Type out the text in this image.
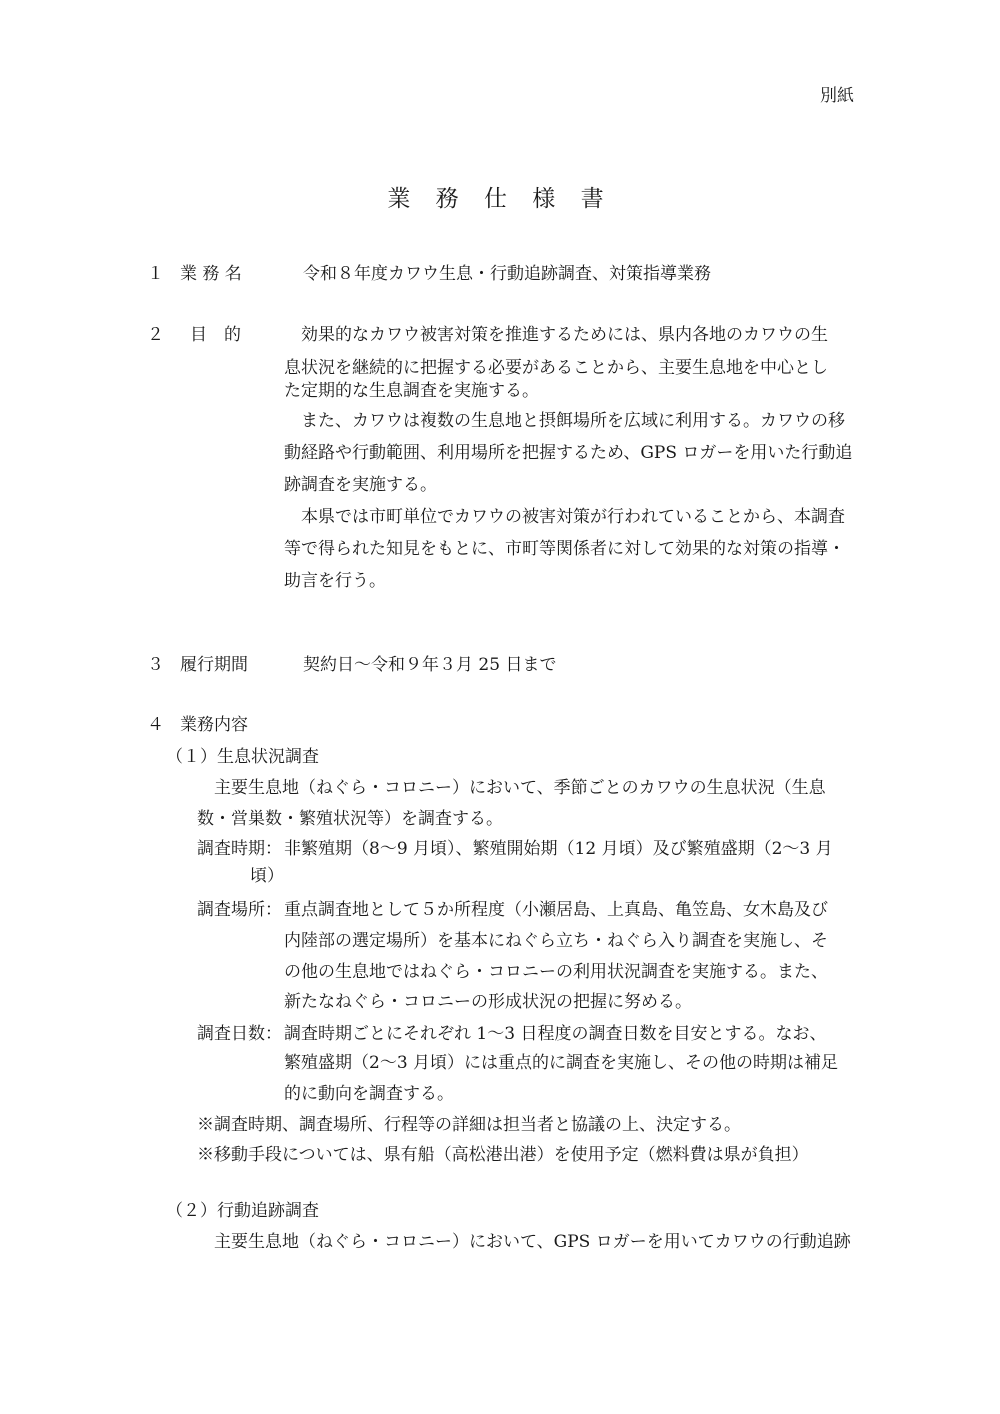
別紙
業 務 仕 様 書
１ 業 務 名	令和８年度カワウ生息・行動追跡調査、対策指導業務
２ 目　的	　効果的なカワウ被害対策を推進するためには、県内各地のカワウの生
息状況を継続的に把握する必要があることから、主要生息地を中心とし
た定期的な生息調査を実施する。
　また、カワウは複数の生息地と摂餌場所を広域に利用する。カワウの移
動経路や行動範囲、利用場所を把握するため、GPS ロガーを用いた行動追
跡調査を実施する。
　本県では市町単位でカワウの被害対策が行われていることから、本調査
等で得られた知見をもとに、市町等関係者に対して効果的な対策の指導・
助言を行う。
３ 履行期間	契約日～令和９年３月 25 日まで
４ 業務内容
（１）生息状況調査
主要生息地（ねぐら・コロニー）において、季節ごとのカワウの生息状況（生息
数・営巣数・繁殖状況等）を調査する。
調査時期： 非繁殖期（8～9 月頃）、繁殖開始期（12 月頃）及び繁殖盛期（2～3 月
頃）
調査場所： 重点調査地として５か所程度（小瀬居島、上真島、亀笠島、女木島及び
内陸部の選定場所）を基本にねぐら立ち・ねぐら入り調査を実施し、そ
の他の生息地ではねぐら・コロニーの利用状況調査を実施する。また、
新たなねぐら・コロニーの形成状況の把握に努める。
調査日数： 調査時期ごとにそれぞれ 1～3 日程度の調査日数を目安とする。なお、
繁殖盛期（2～3 月頃）には重点的に調査を実施し、その他の時期は補足
的に動向を調査する。
※調査時期、調査場所、行程等の詳細は担当者と協議の上、決定する。
※移動手段については、県有船（高松港出港）を使用予定（燃料費は県が負担）
（２）行動追跡調査
主要生息地（ねぐら・コロニー）において、GPS ロガーを用いてカワウの行動追跡
